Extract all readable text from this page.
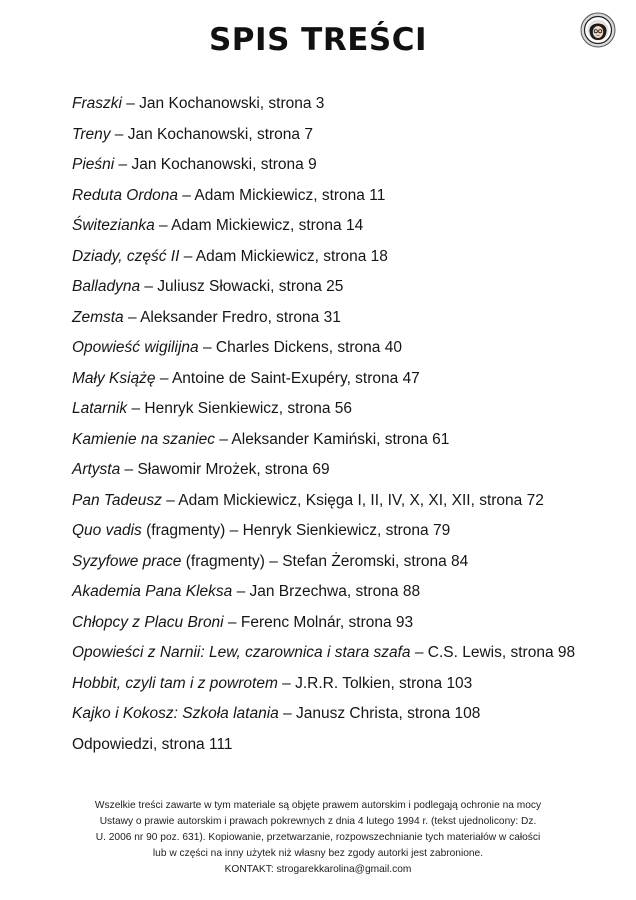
SPIS TREŚCI
Fraszki – Jan Kochanowski, strona 3
Treny – Jan Kochanowski, strona 7
Pieśni – Jan Kochanowski, strona 9
Reduta Ordona – Adam Mickiewicz, strona 11
Świtezianka – Adam Mickiewicz, strona 14
Dziady, część II – Adam Mickiewicz, strona 18
Balladyna – Juliusz Słowacki, strona 25
Zemsta – Aleksander Fredro, strona 31
Opowieść wigilijna – Charles Dickens, strona 40
Mały Książę – Antoine de Saint-Exupéry, strona 47
Latarnik – Henryk Sienkiewicz, strona 56
Kamienie na szaniec – Aleksander Kamiński, strona 61
Artysta – Sławomir Mrożek, strona 69
Pan Tadeusz – Adam Mickiewicz, Księga I, II, IV, X, XI, XII, strona 72
Quo vadis (fragmenty) – Henryk Sienkiewicz, strona 79
Syzyfowe prace (fragmenty) – Stefan Żeromski, strona 84
Akademia Pana Kleksa – Jan Brzechwa, strona 88
Chłopcy z Placu Broni – Ferenc Molnár, strona 93
Opowieści z Narnii: Lew, czarownica i stara szafa – C.S. Lewis, strona 98
Hobbit, czyli tam i z powrotem – J.R.R. Tolkien, strona 103
Kajko i Kokosz: Szkoła latania – Janusz Christa, strona 108
Odpowiedzi, strona 111
Wszelkie treści zawarte w tym materiale są objęte prawem autorskim i podlegają ochronie na mocy
Ustawy o prawie autorskim i prawach pokrewnych z dnia 4 lutego 1994 r. (tekst ujednolicony: Dz.
U. 2006 nr 90 poz. 631). Kopiowanie, przetwarzanie, rozpowszechnianie tych materiałów w całości
lub w części na inny użytek niż własny bez zgody autorki jest zabronione.
KONTAKT: strogarekkarolina@gmail.com
